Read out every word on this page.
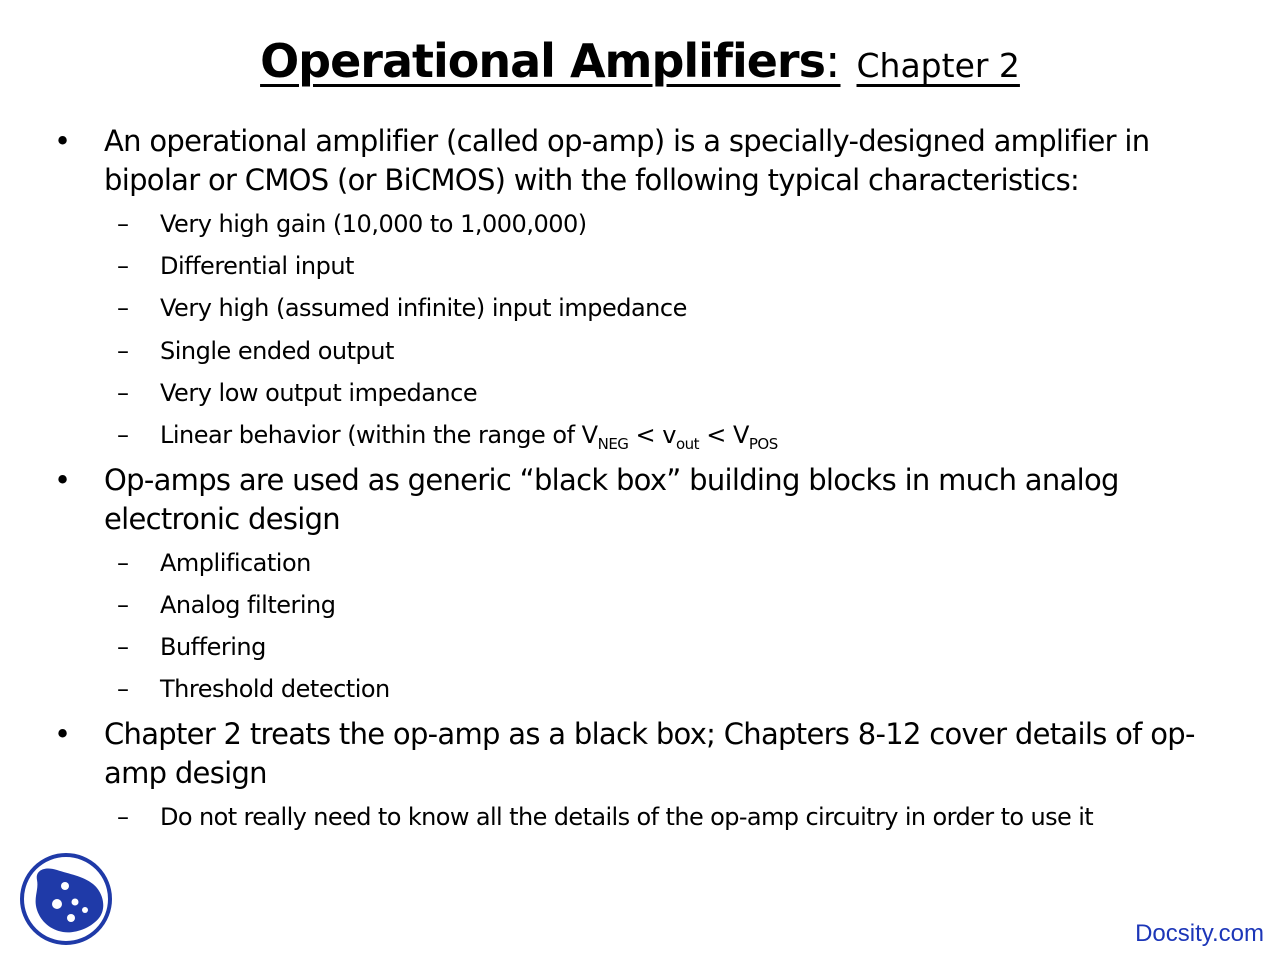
Operational Amplifiers: Chapter 2
• An operational amplifier (called op-amp) is a specially-designed amplifier in
bipolar or CMOS (or BiCMOS) with the following typical characteristics:
– Very high gain (10,000 to 1,000,000)
– Differential input
– Very high (assumed infinite) input impedance
– Single ended output
– Very low output impedance
– Linear behavior (within the range of $V_{NEG} < v_{out} < V_{POS}$
• Op-amps are used as generic “black box” building blocks in much analog
electronic design
– Amplification
– Analog filtering
– Buffering
– Threshold detection
• Chapter 2 treats the op-amp as a black box; Chapters 8-12 cover details of op-
amp design
– Do not really need to know all the details of the op-amp circuitry in order to use it
Docsity.com
